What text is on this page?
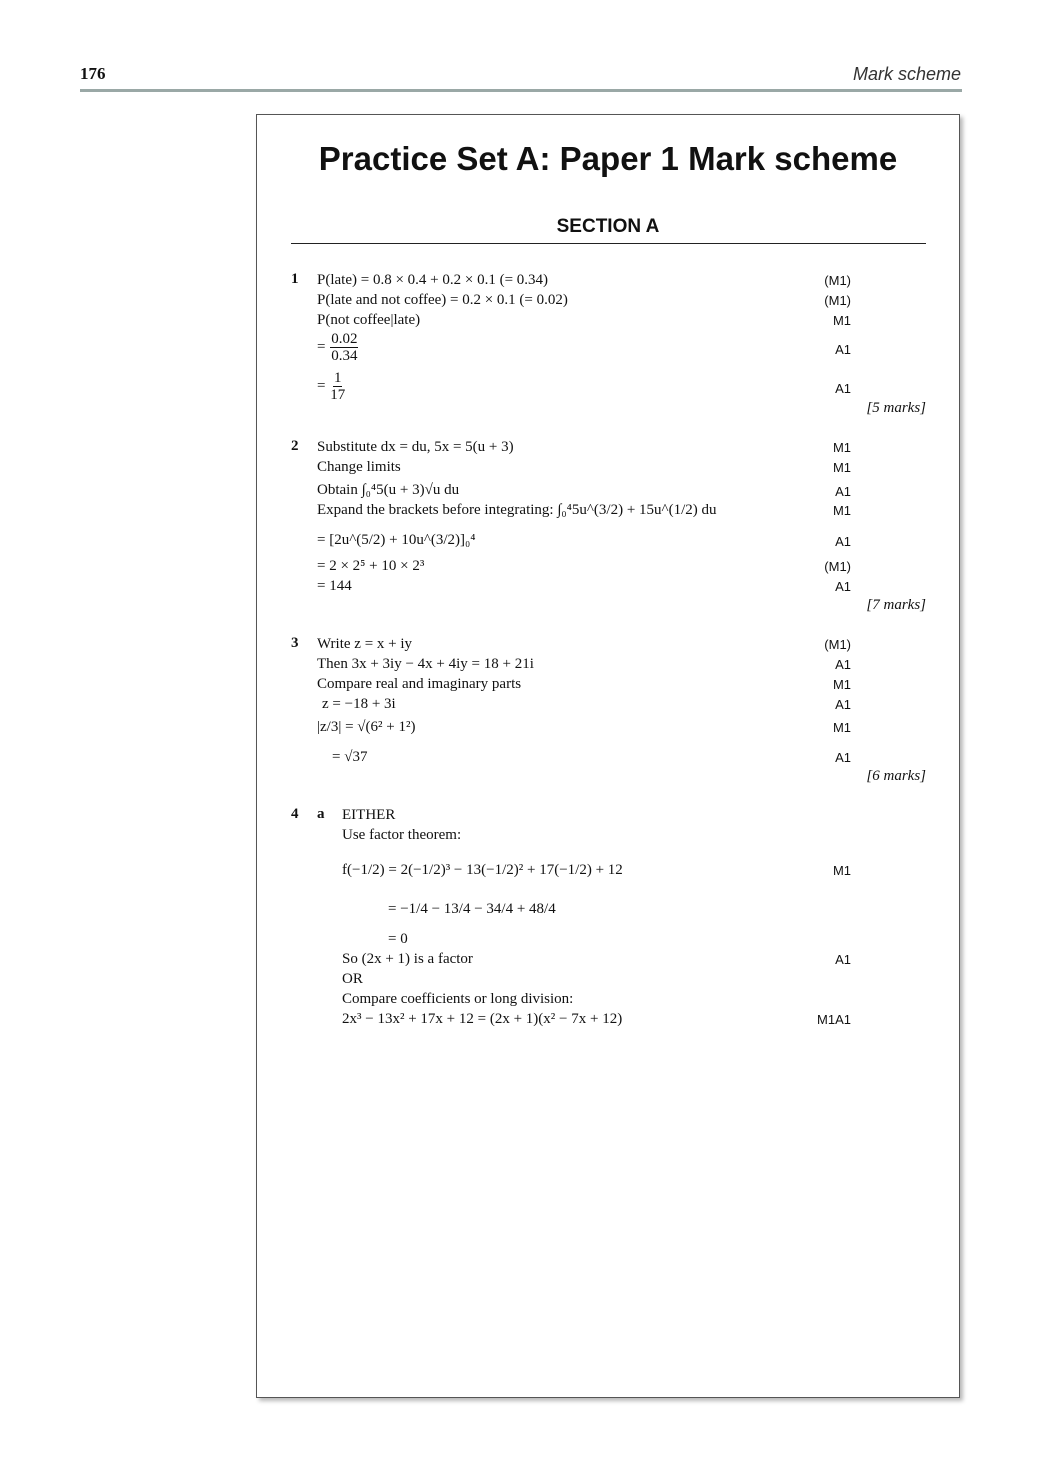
176	Mark scheme
Practice Set A: Paper 1 Mark scheme
SECTION A
1 P(late) = 0.8 × 0.4 + 0.2 × 0.1 (= 0.34)
P(late and not coffee) = 0.2 × 0.1 (= 0.02)
P(not coffee|late)
= $\frac{0.02}{0.34}$
= $\frac{1}{17}$
(M1)
(M1)
M1
A1
A1
[5 marks]
2 Substitute dx = du, 5x = 5(u + 3)
Change limits
Obtain ∫₀⁴5(u + 3)√u du
Expand the brackets before integrating: ∫₀⁴5u^(3/2) + 15u^(1/2) du
= [2u^(5/2) + 10u^(3/2)]₀⁴
= 2 × 2⁵ + 10 × 2³
= 144
M1
M1
A1
M1
A1
(M1)
A1
[7 marks]
3 Write z = x + iy
Then 3x + 3iy − 4x + 4iy = 18 + 21i
Compare real and imaginary parts
z = −18 + 3i
|z/3| = √(6² + 1²)
= √37
(M1)
A1
M1
A1
M1
A1
[6 marks]
4 a EITHER
Use factor theorem:
f(−1/2) = 2(−1/2)³ − 13(−1/2)² + 17(−1/2) + 12
= −1/4 − 13/4 − 34/4 + 48/4
= 0
So (2x + 1) is a factor
OR
Compare coefficients or long division:
2x³ − 13x² + 17x + 12 = (2x + 1)(x² − 7x + 12)
M1
A1
M1A1
